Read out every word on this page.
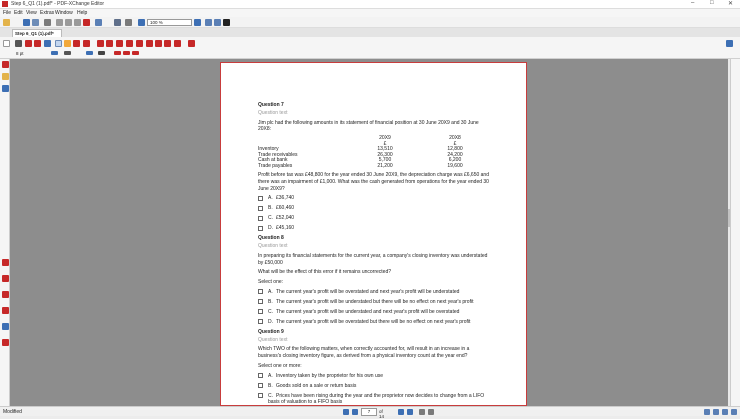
Step 6_Q1 (1).pdf* - PDF-XChange Editor	–	□ ✕
File Edit View Extras Window Help
100 %
Step 6_Q1 (1).pdf*
8 pt
Question 7
Question text
Jim plc had the following amounts in its statement of financial position at 30 June 20X9 and 30 June 20X8:
	20X9	20X8
	£	£
Inventory	13,510	12,800
Trade receivables	26,300	24,200
Cash at bank	5,700	6,200
Trade payables	21,200	19,600
Profit before tax was £48,800 for the year ended 30 June 20X9, the depreciation charge was £6,650 and there was an impairment of £1,000. What was the cash generated from operations for the year ended 30 June 20X9?
A. £36,740
B. £60,460
C. £52,040
D. £45,160
Question 8
Question text
In preparing its financial statements for the current year, a company's closing inventory was understated by £50,000
What will be the effect of this error if it remains uncorrected?
Select one:
A. The current year's profit will be overstated and next year's profit will be understated
B. The current year's profit will be understated but there will be no effect on next year's profit
C. The current year's profit will be understated and next year's profit will be overstated
D. The current year's profit will be overstated but there will be no effect on next year's profit
Question 9
Question text
Which TWO of the following matters, when correctly accounted for, will result in an increase in a business's closing inventory figure, as derived from a physical inventory count at the year end?
Select one or more:
A. Inventory taken by the proprietor for his own use
B. Goods sold on a sale or return basis
C. Prices have been rising during the year and the proprietor now decides to change from a LIFO basis of valuation to a FIFO basis
Modified	7	of 14
